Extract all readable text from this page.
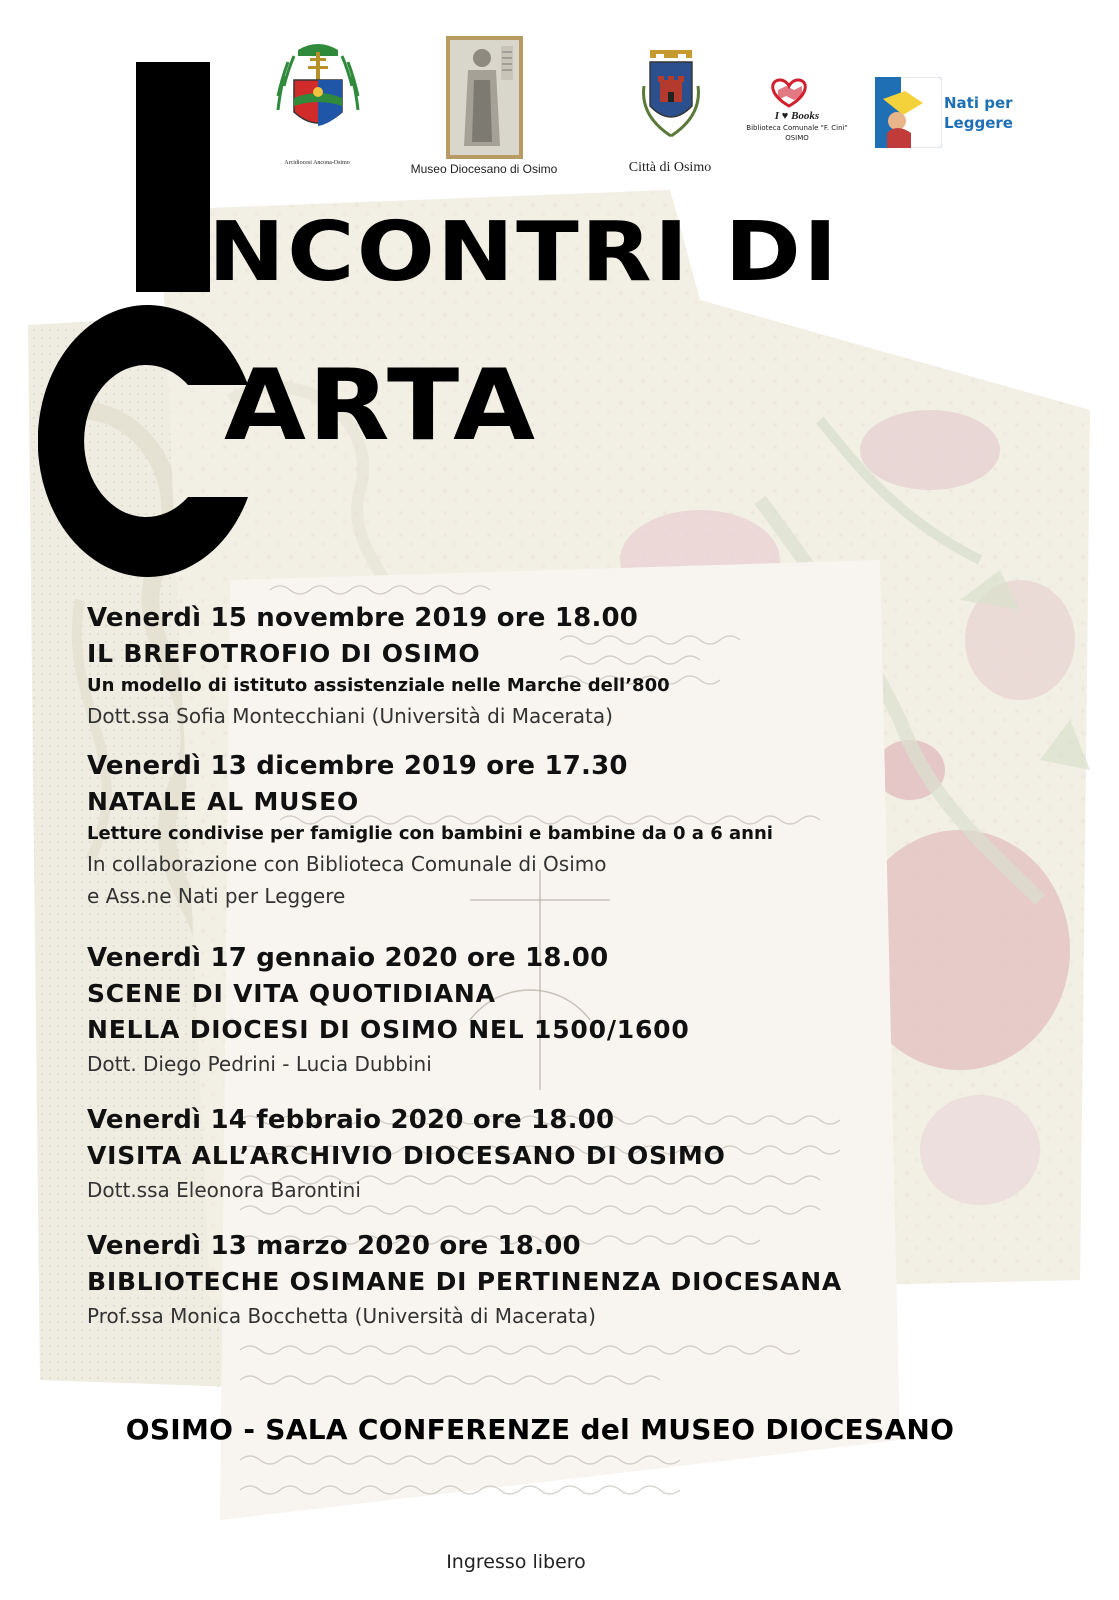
Arcidiocesi Ancona-Osimo	Museo Diocesano di Osimo	Città di Osimo
I ♥ Books
Biblioteca Comunale "F. Cini"
OSIMO
Nati per
Leggere
NCONTRI DI
ARTA
Venerdì 15 novembre 2019 ore 18.00
IL BREFOTROFIO DI OSIMO
Un modello di istituto assistenziale nelle Marche dell’800
Dott.ssa Sofia Montecchiani (Università di Macerata)
Venerdì 13 dicembre 2019 ore 17.30
NATALE AL MUSEO
Letture condivise per famiglie con bambini e bambine da 0 a 6 anni
In collaborazione con Biblioteca Comunale di Osimo
e Ass.ne Nati per Leggere
Venerdì 17 gennaio 2020 ore 18.00
SCENE DI VITA QUOTIDIANA
NELLA DIOCESI DI OSIMO NEL 1500/1600
Dott. Diego Pedrini - Lucia Dubbini
Venerdì 14 febbraio 2020 ore 18.00
VISITA ALL’ARCHIVIO DIOCESANO DI OSIMO
Dott.ssa Eleonora Barontini
Venerdì 13 marzo 2020 ore 18.00
BIBLIOTECHE OSIMANE DI PERTINENZA DIOCESANA
Prof.ssa Monica Bocchetta (Università di Macerata)
OSIMO - SALA CONFERENZE del MUSEO DIOCESANO
Ingresso libero
